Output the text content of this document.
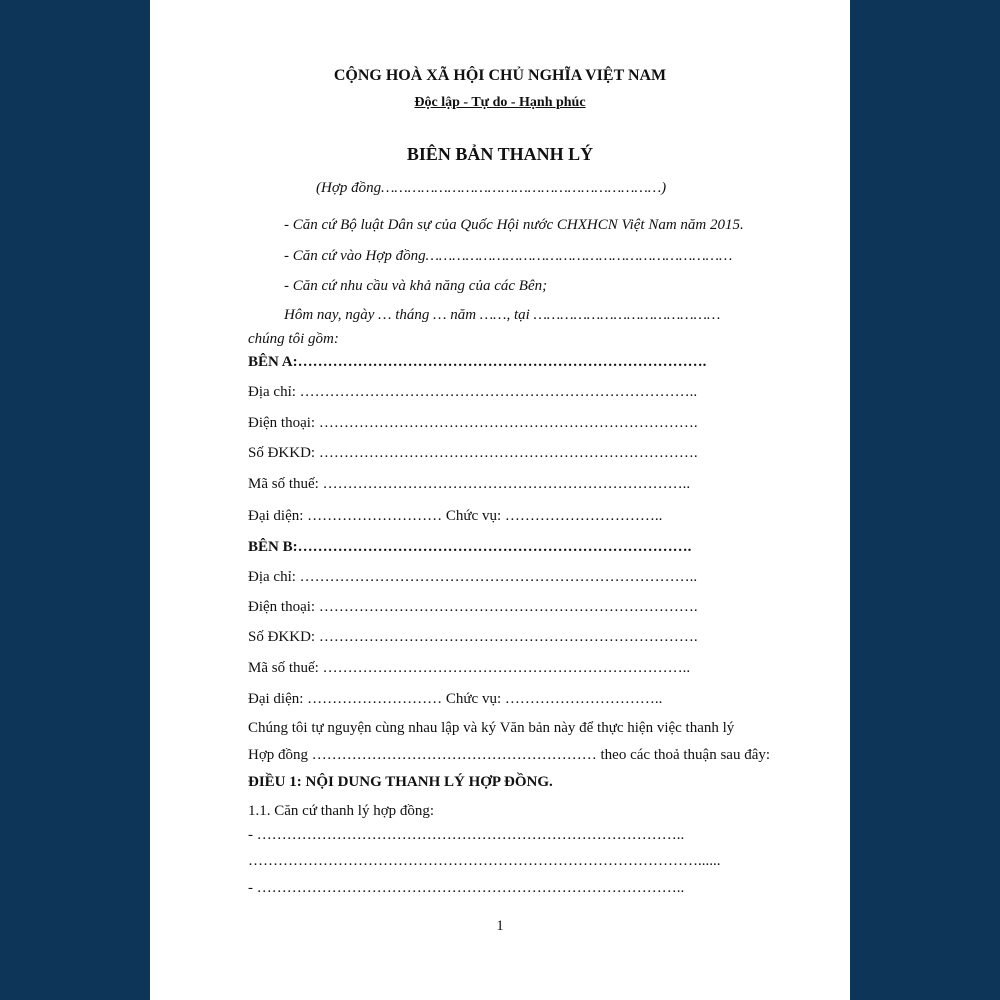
CỘNG HOÀ XÃ HỘI CHỦ NGHĨA VIỆT NAM
Độc lập - Tự do - Hạnh phúc
BIÊN BẢN THANH LÝ
(Hợp đồng………………………………………………………)
- Căn cứ Bộ luật Dân sự của Quốc Hội nước CHXHCN Việt Nam năm 2015.
- Căn cứ vào Hợp đồng……………………………………………………………
- Căn cứ nhu cầu và khả năng của các Bên;
Hôm nay, ngày … tháng … năm ……, tại ……………………………………
chúng tôi gồm:
BÊN A:……………………………………………………………………….
Địa chỉ: ……………………………………………………………………..
Điện thoại: ………………………………………………………………….
Số ĐKKD: ………………………………………………………………….
Mã số thuế: ………………………………………………………………..
Đại diện: ……………………… Chức vụ: …………………………..
BÊN B:…………………………………………………………………….
Địa chỉ: ……………………………………………………………………..
Điện thoại: ………………………………………………………………….
Số ĐKKD: ………………………………………………………………….
Mã số thuế: ………………………………………………………………..
Đại diện: ……………………… Chức vụ: …………………………..
Chúng tôi tự nguyện cùng nhau lập và ký Văn bản này để thực hiện việc thanh lý
Hợp đồng ………………………………………………… theo các thoả thuận sau đây:
ĐIỀU 1: NỘI DUNG THANH LÝ HỢP ĐỒNG.
1.1. Căn cứ thanh lý hợp đồng:
- …………………………………………………………………………..
………………………………………………………………………………......
- …………………………………………………………………………..
1
